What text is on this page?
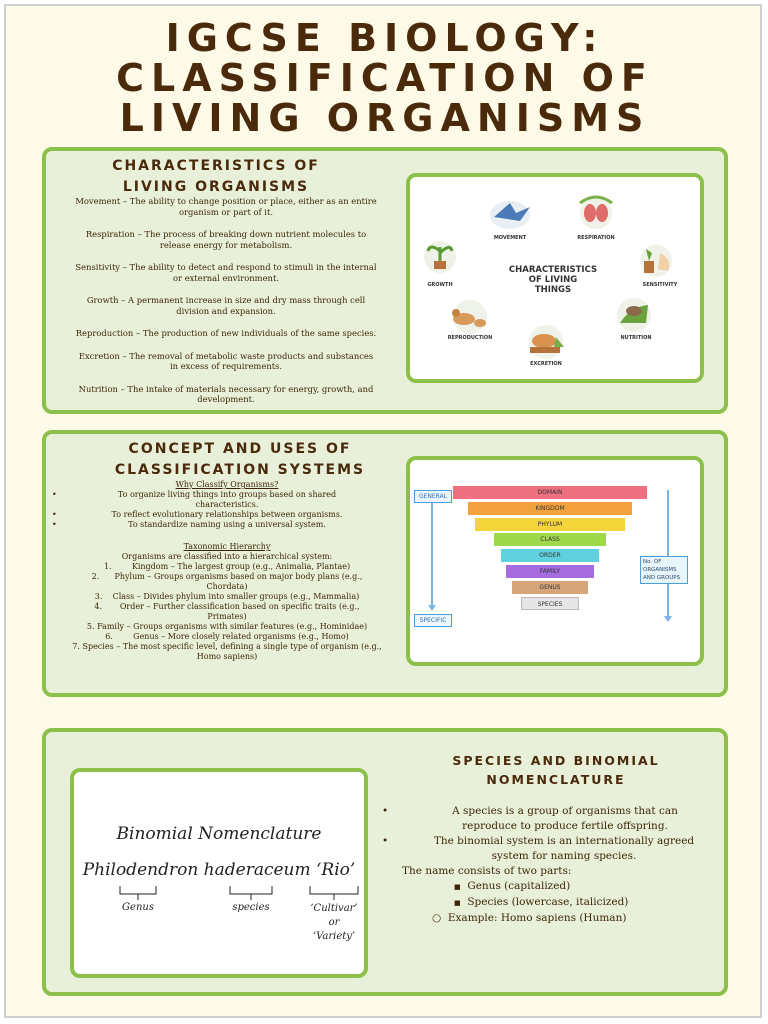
IGCSE BIOLOGY:
CLASSIFICATION OF
LIVING ORGANISMS
CHARACTERISTICS OF LIVING ORGANISMS

Movement – The ability to change position or place, either as an entire organism or part of it.

Respiration – The process of breaking down nutrient molecules to release energy for metabolism.

Sensitivity – The ability to detect and respond to stimuli in the internal or external environment.

Growth – A permanent increase in size and dry mass through cell division and expansion.

Reproduction – The production of new individuals of the same species.

Excretion – The removal of metabolic waste products and substances in excess of requirements.

Nutrition – The intake of materials necessary for energy, growth, and development.

MOVEMENT	RESPIRATION
SENSITIVITY
GROWTH
CHARACTERISTICS
OF LIVING
THINGS
REPRODUCTION
EXCRETION
NUTRITION
CONCEPT AND USES OF CLASSIFICATION SYSTEMS
Why Classify Organisms?
• To organize living things into groups based on shared characteristics.
• To reflect evolutionary relationships between organisms.
• To standardize naming using a universal system.
Taxonomic Hierarchy
Organisms are classified into a hierarchical system:
1.        Kingdom – The largest group (e.g., Animalia, Plantae)
2.      Phylum – Groups organisms based on major body plans (e.g., Chordata)
3.    Class – Divides phylum into smaller groups (e.g., Mammalia)
4.       Order – Further classification based on specific traits (e.g., Primates)
5. Family – Groups organisms with similar features (e.g., Hominidae)
6.        Genus – More closely related organisms (e.g., Homo)
7. Species – The most specific level, defining a single type of organism (e.g., Homo sapiens)
GENERAL
SPECIFIC
No. OF ORGANISMS AND GROUPS
DOMAIN
KINGDOM
PHYLUM
CLASS
ORDER
FAMILY
GENUS
SPECIES
Binomial Nomenclature
Philodendron haderaceum ‘Rio’
Genus	species	‘Cultivar’ or ‘Variety’
SPECIES AND BINOMIAL NOMENCLATURE
• A species is a group of organisms that can reproduce to produce fertile offspring.
• The binomial system is an internationally agreed system for naming species.
The name consists of two parts:
■ Genus (capitalized)
■ Species (lowercase, italicized)
○  Example: Homo sapiens (Human)
